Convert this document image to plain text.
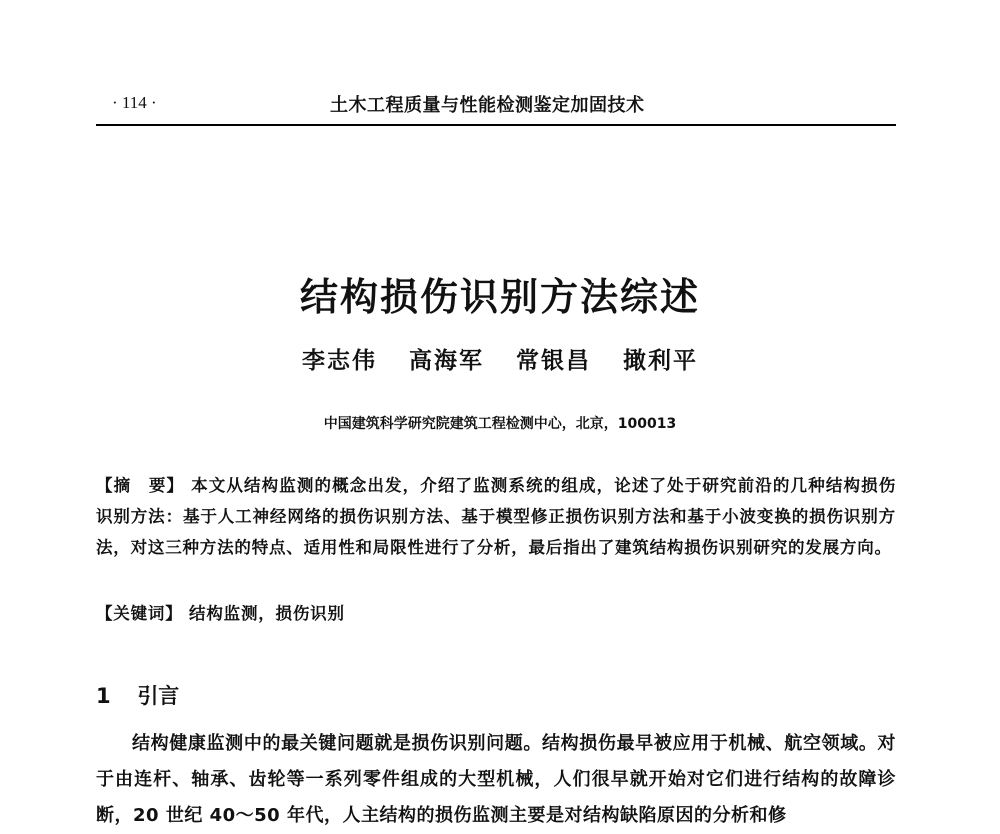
· 114 ·	土木工程质量与性能检测鉴定加固技术
结构损伤识别方法综述
李志伟 高海军 常银昌 撖利平
中国建筑科学研究院建筑工程检测中心，北京，100013
【摘　要】 本文从结构监测的概念出发，介绍了监测系统的组成，论述了处于研究前沿的几种结构损伤识别方法：基于人工神经网络的损伤识别方法、基于模型修正损伤识别方法和基于小波变换的损伤识别方法，对这三种方法的特点、适用性和局限性进行了分析，最后指出了建筑结构损伤识别研究的发展方向。
【关键词】 结构监测，损伤识别
1 引言
结构健康监测中的最关键问题就是损伤识别问题。结构损伤最早被应用于机械、航空领域。对于由连杆、轴承、齿轮等一系列零件组成的大型机械，人们很早就开始对它们进行结构的故障诊断，20 世纪 40～50 年代，人主结构的损伤监测主要是对结构缺陷原因的分析和修
